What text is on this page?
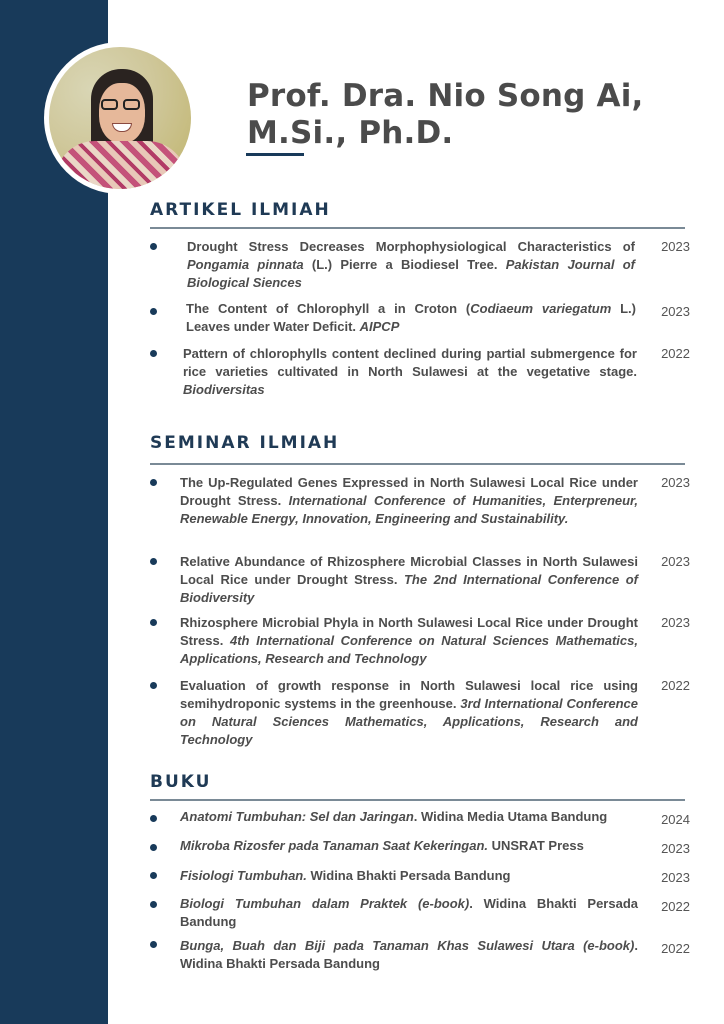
Prof. Dra. Nio Song Ai,
M.Si., Ph.D.
ARTIKEL ILMIAH
Drought Stress Decreases Morphophysiological Characteristics of Pongamia pinnata (L.) Pierre a Biodiesel Tree. Pakistan Journal of Biological Siences
2023
The Content of Chlorophyll a in Croton (Codiaeum variegatum L.) Leaves under Water Deficit. AIPCP
2023
Pattern of chlorophylls content declined during partial submergence for rice varieties cultivated in North Sulawesi at the vegetative stage. Biodiversitas
2022
SEMINAR ILMIAH
The Up-Regulated Genes Expressed in North Sulawesi Local Rice under Drought Stress. International Conference of Humanities, Enterpreneur, Renewable Energy, Innovation, Engineering and Sustainability.
2023
Relative Abundance of Rhizosphere Microbial Classes in North Sulawesi Local Rice under Drought Stress. The 2nd International Conference of Biodiversity
2023
Rhizosphere Microbial Phyla in North Sulawesi Local Rice under Drought Stress. 4th International Conference on Natural Sciences Mathematics, Applications, Research and Technology
2023
Evaluation of growth response in North Sulawesi local rice using semihydroponic systems in the greenhouse. 3rd International Conference on Natural Sciences Mathematics, Applications, Research and Technology
2022
BUKU
Anatomi Tumbuhan: Sel dan Jaringan. Widina Media Utama Bandung	2024
Mikroba Rizosfer pada Tanaman Saat Kekeringan. UNSRAT Press	2023
Fisiologi Tumbuhan. Widina Bhakti Persada Bandung	2023
Biologi Tumbuhan dalam Praktek (e-book). Widina Bhakti Persada Bandung
2022
Bunga, Buah dan Biji pada Tanaman Khas Sulawesi Utara (e-book). Widina Bhakti Persada Bandung
2022
